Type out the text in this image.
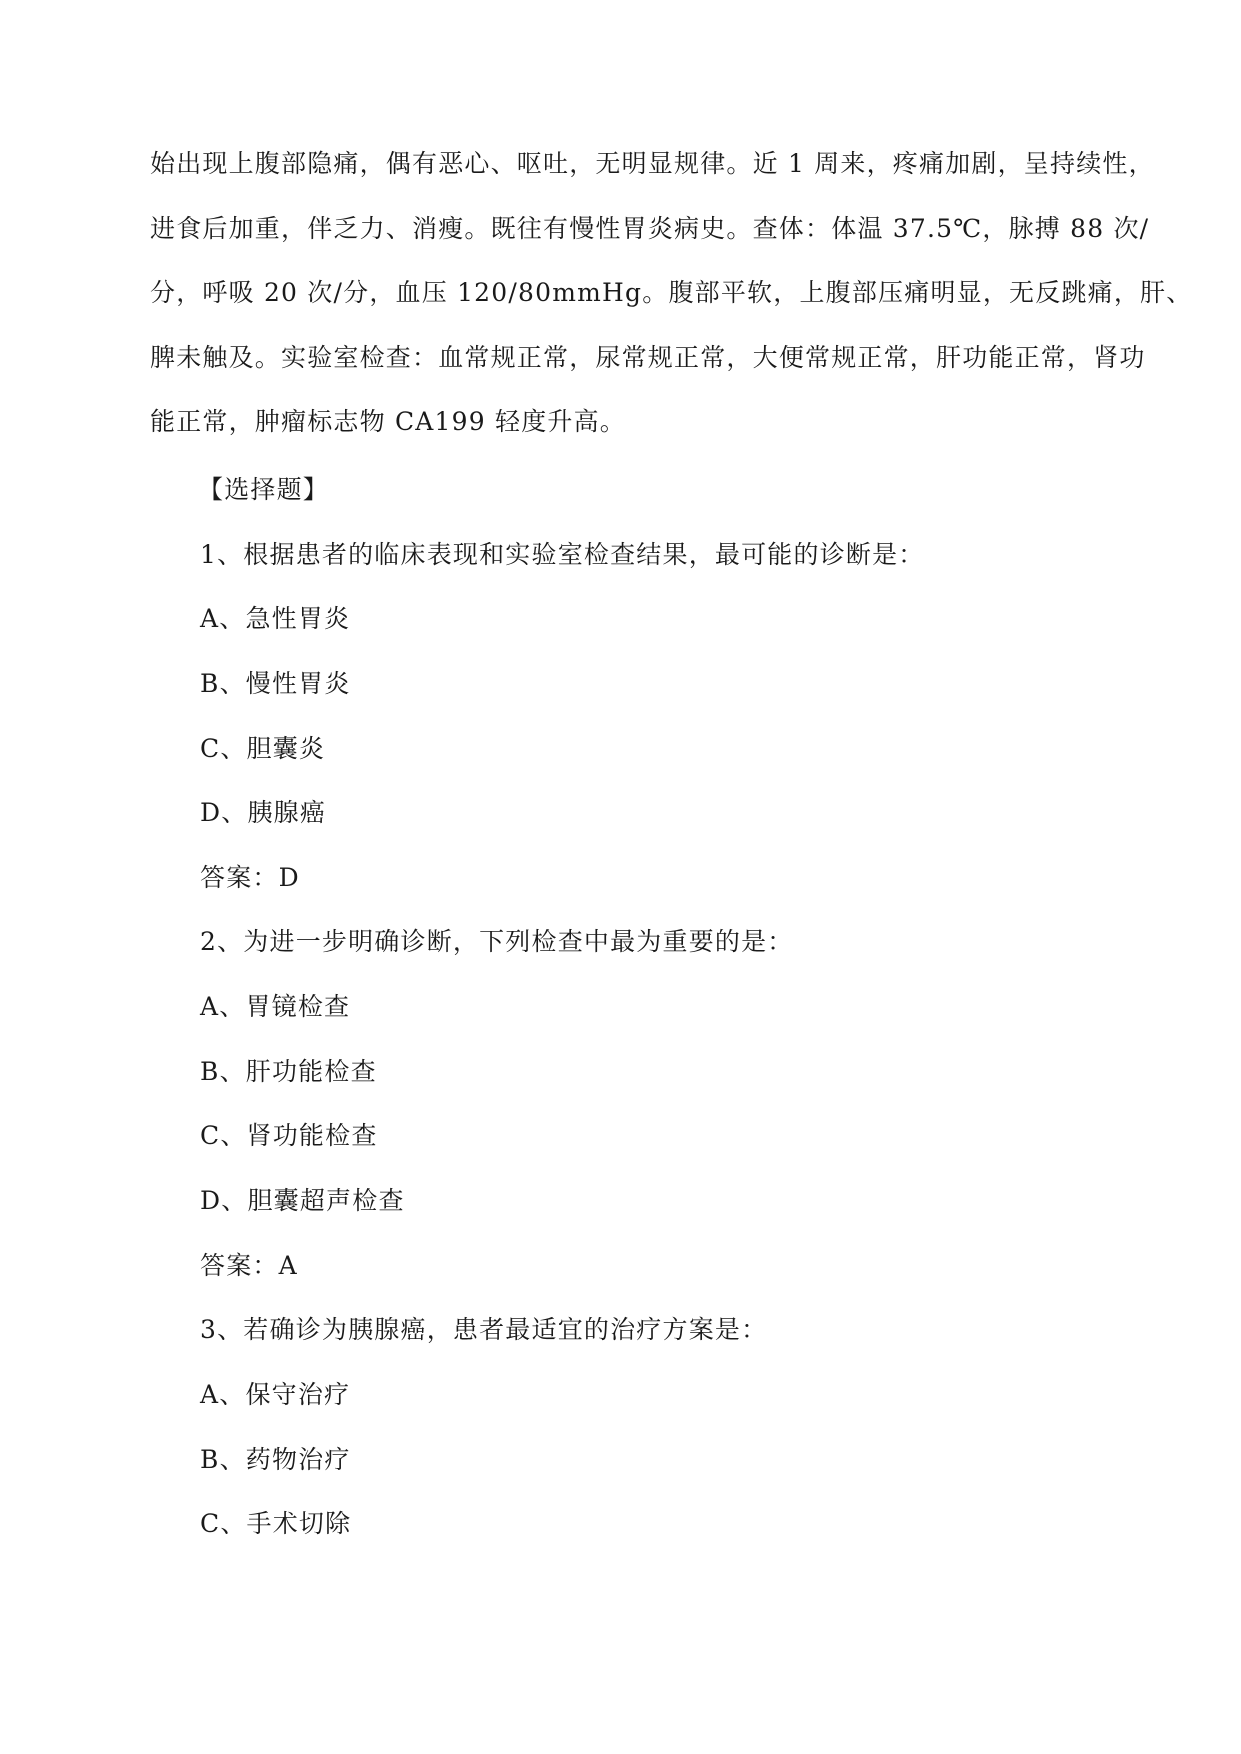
始出现上腹部隐痛，偶有恶心、呕吐，无明显规律。近 1 周来，疼痛加剧，呈持续性，
进食后加重，伴乏力、消瘦。既往有慢性胃炎病史。查体：体温 37.5℃，脉搏 88 次/
分，呼吸 20 次/分，血压 120/80mmHg。腹部平软，上腹部压痛明显，无反跳痛，肝、
脾未触及。实验室检查：血常规正常，尿常规正常，大便常规正常，肝功能正常，肾功
能正常，肿瘤标志物 CA199 轻度升高。
【选择题】
1、根据患者的临床表现和实验室检查结果，最可能的诊断是：
A、急性胃炎
B、慢性胃炎
C、胆囊炎
D、胰腺癌
答案：D
2、为进一步明确诊断，下列检查中最为重要的是：
A、胃镜检查
B、肝功能检查
C、肾功能检查
D、胆囊超声检查
答案：A
3、若确诊为胰腺癌，患者最适宜的治疗方案是：
A、保守治疗
B、药物治疗
C、手术切除
